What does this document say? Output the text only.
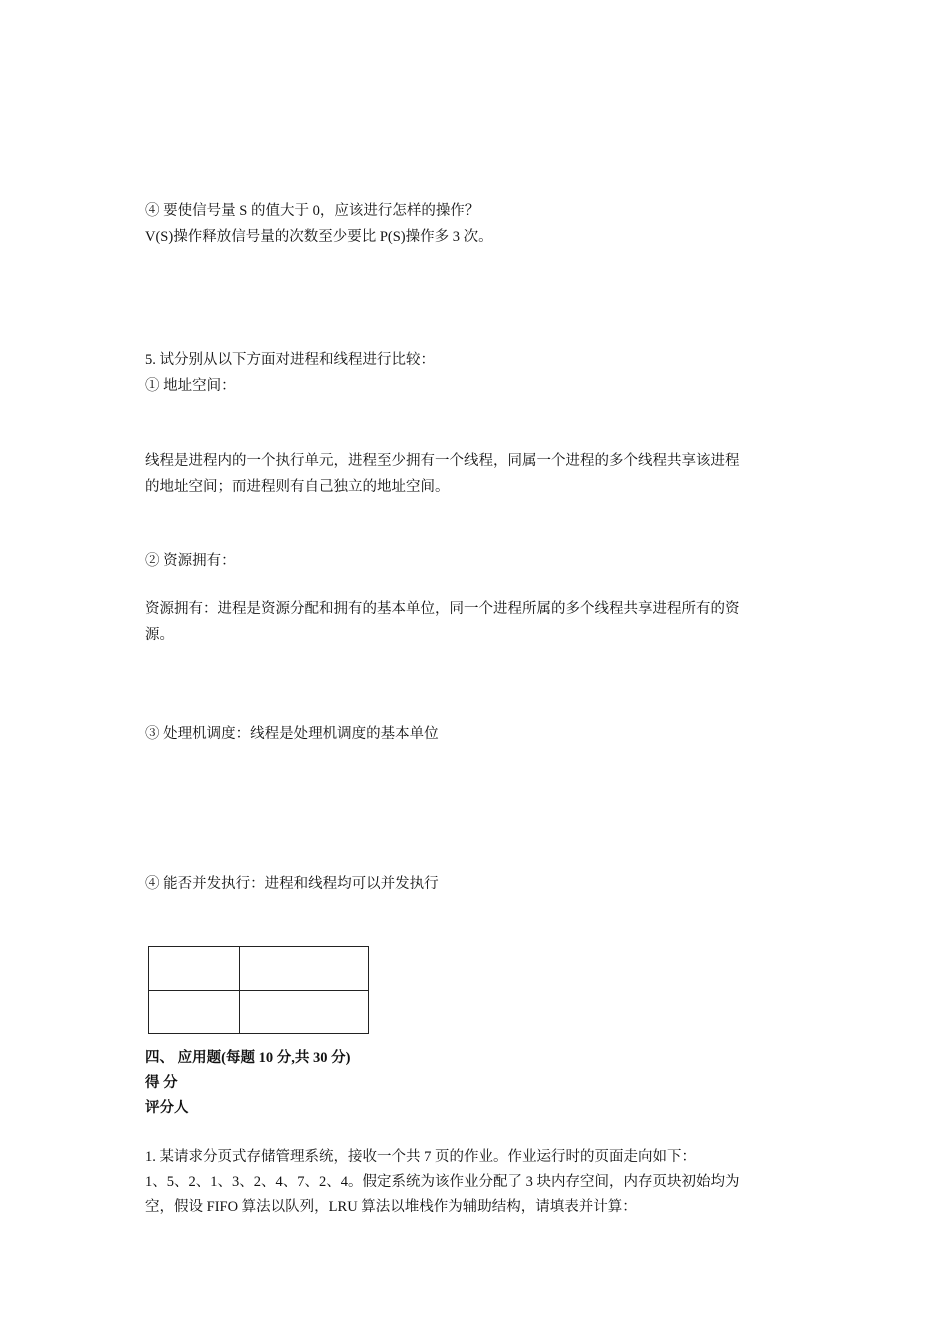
④ 要使信号量 S 的值大于 0，应该进行怎样的操作？
V(S)操作释放信号量的次数至少要比 P(S)操作多 3 次。
5. 试分别从以下方面对进程和线程进行比较：
① 地址空间：
线程是进程内的一个执行单元，进程至少拥有一个线程，同属一个进程的多个线程共享该进程
的地址空间；而进程则有自己独立的地址空间。
② 资源拥有：
资源拥有：进程是资源分配和拥有的基本单位，同一个进程所属的多个线程共享进程所有的资
源。
③ 处理机调度：线程是处理机调度的基本单位
④ 能否并发执行：进程和线程均可以并发执行

四、 应用题(每题 10 分,共 30 分)
得 分
评分人
1. 某请求分页式存储管理系统，接收一个共 7 页的作业。作业运行时的页面走向如下：
1、5、2、1、3、2、4、7、2、4。假定系统为该作业分配了 3 块内存空间，内存页块初始均为
空，假设 FIFO 算法以队列，LRU 算法以堆栈作为辅助结构，请填表并计算：
